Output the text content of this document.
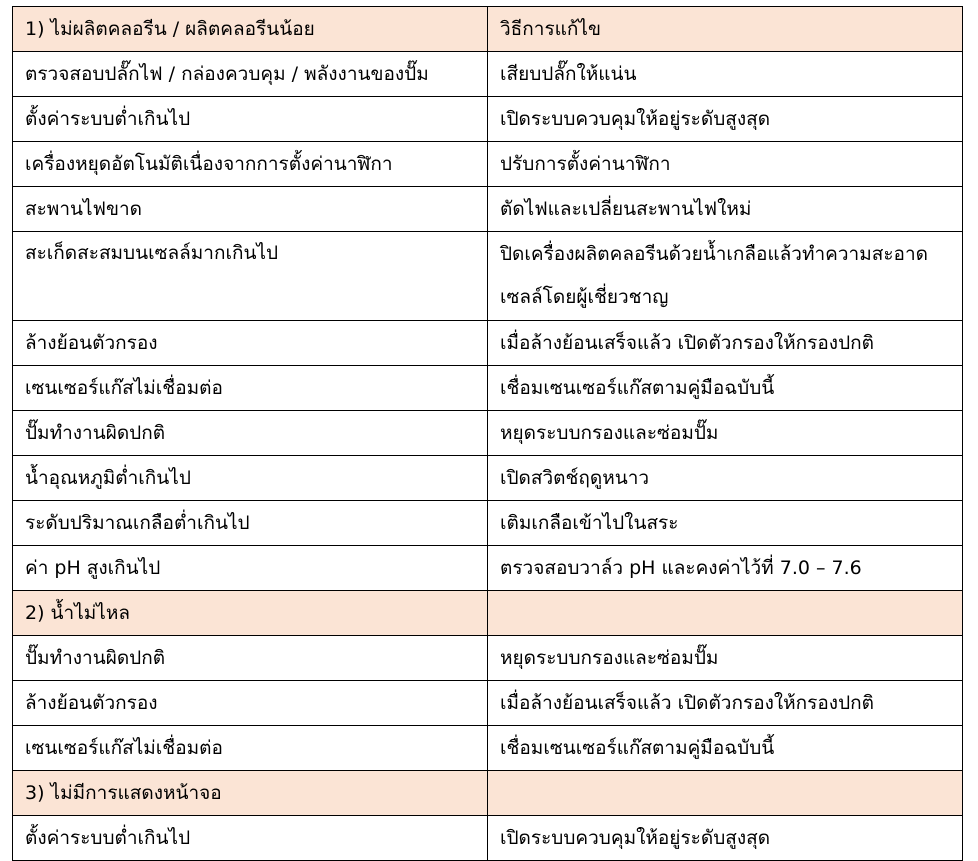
1) ไม่ผลิตคลอรีน / ผลิตคลอรีนน้อย	วิธีการแก้ไข
ตรวจสอบปลั๊กไฟ / กล่องควบคุม / พลังงานของปั๊ม	เสียบปลั๊กให้แน่น
ตั้งค่าระบบต่ำเกินไป	เปิดระบบควบคุมให้อยู่ระดับสูงสุด
เครื่องหยุดอัตโนมัติเนื่องจากการตั้งค่านาฬิกา	ปรับการตั้งค่านาฬิกา
สะพานไฟขาด	ตัดไฟและเปลี่ยนสะพานไฟใหม่
สะเก็ดสะสมบนเซลล์มากเกินไป	ปิดเครื่องผลิตคลอรีนด้วยน้ำเกลือแล้วทำความสะอาด
เซลล์โดยผู้เชี่ยวชาญ

ล้างย้อนตัวกรอง	เมื่อล้างย้อนเสร็จแล้ว เปิดตัวกรองให้กรองปกติ
เซนเซอร์แก๊สไม่เชื่อมต่อ	เชื่อมเซนเซอร์แก๊สตามคู่มือฉบับนี้
ปั๊มทำงานผิดปกติ	หยุดระบบกรองและซ่อมปั๊ม
น้ำอุณหภูมิต่ำเกินไป	เปิดสวิตช์ฤดูหนาว
ระดับปริมาณเกลือต่ำเกินไป	เติมเกลือเข้าไปในสระ
ค่า pH สูงเกินไป	ตรวจสอบวาล์ว pH และคงค่าไว้ที่ 7.0 – 7.6
2) น้ำไม่ไหล	
ปั๊มทำงานผิดปกติ	หยุดระบบกรองและซ่อมปั๊ม
ล้างย้อนตัวกรอง	เมื่อล้างย้อนเสร็จแล้ว เปิดตัวกรองให้กรองปกติ
เซนเซอร์แก๊สไม่เชื่อมต่อ	เชื่อมเซนเซอร์แก๊สตามคู่มือฉบับนี้
3) ไม่มีการแสดงหน้าจอ	
ตั้งค่าระบบต่ำเกินไป	เปิดระบบควบคุมให้อยู่ระดับสูงสุด
